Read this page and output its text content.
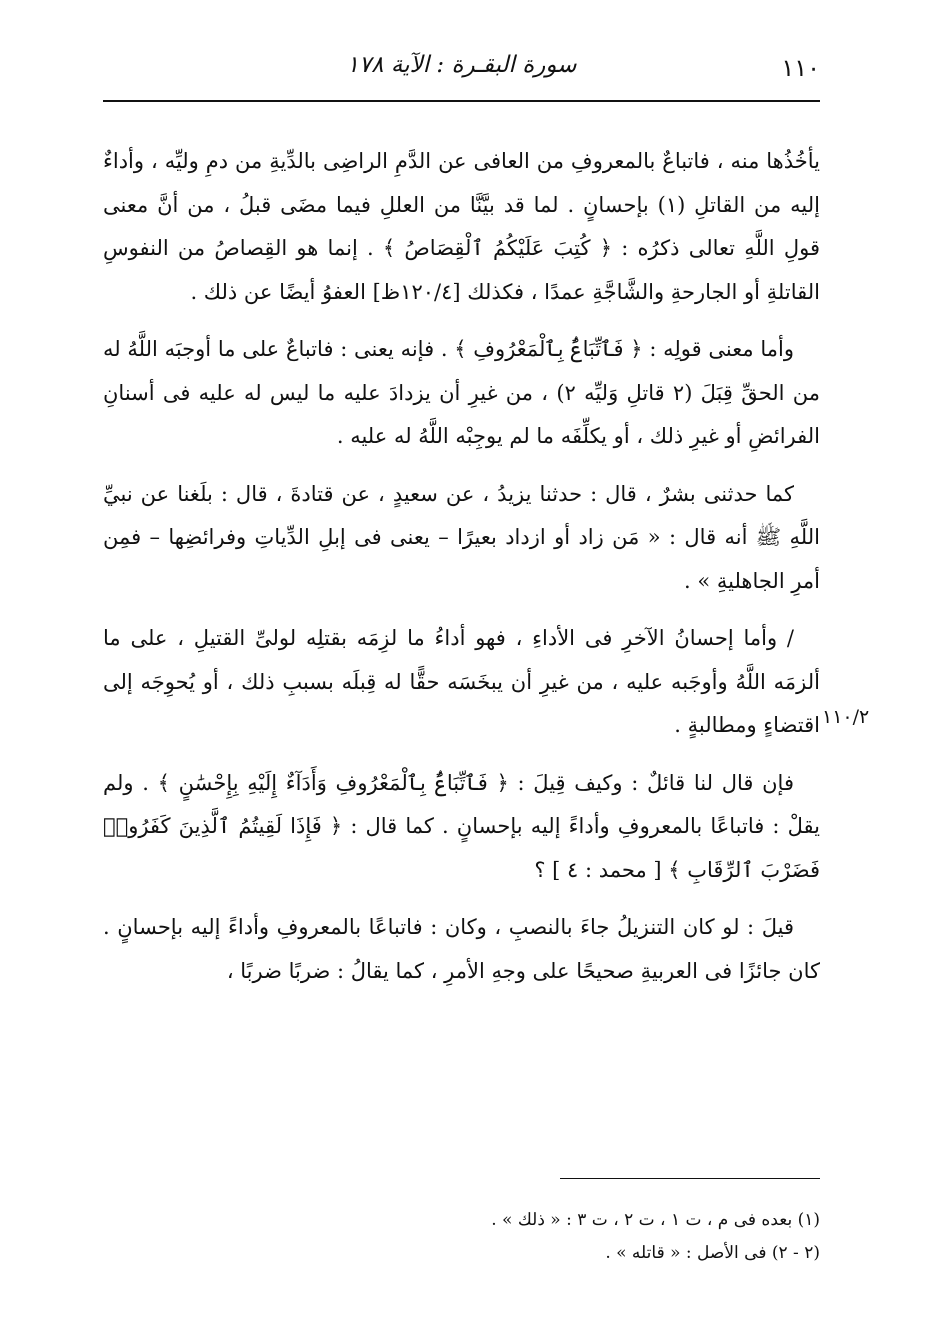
١١٠
سورة البقـرة : الآية ١٧٨
١١٠/٢

يأخُذُها منه ، فاتباعٌ بالمعروفِ من العافى عن الدَّمِ الراضِى بالدِّيةِ من دمِ وليِّه ، وأداءٌ إليه من القاتلِ (١) بإحسانٍ . لما قد بيَّنَّا من العللِ فيما مضَى قبلُ ، من أنَّ معنى قولِ اللَّهِ تعالى ذكرُه : ﴿ كُتِبَ عَلَيْكُمُ ٱلْقِصَاصُ ﴾ . إنما هو القِصاصُ من النفوسِ القاتلةِ أو الجارحةِ والشَّاجَّةِ عمدًا ، فكذلك [١٢٠/٤ظ] العفوُ أيضًا عن ذلك .

وأما معنى قولِه : ﴿ فَٱتِّبَاعٌۢ بِٱلْمَعْرُوفِ ﴾ . فإنه يعنى : فاتباعٌ على ما أوجبَه اللَّهُ له من الحقِّ قِبَلَ (٢ قاتلِ وَليِّه ٢) ، من غيرِ أن يزدادَ عليه ما ليس له عليه فى أسنانِ الفرائضِ أو غيرِ ذلك ، أو يكلِّفَه ما لم يوجِبْه اللَّهُ له عليه .

كما حدثنى بشرٌ ، قال : حدثنا يزيدُ ، عن سعيدٍ ، عن قتادةَ ، قال : بلَغنا عن نبيِّ اللَّهِ ﷺ أنه قال : « مَن زاد أو ازداد بعيرًا – يعنى فى إبلِ الدِّياتِ وفرائضِها – فمِن أمرِ الجاهليةِ » .

/ وأما إحسانُ الآخرِ فى الأداءِ ، فهو أداءُ ما لزِمَه بقتلِه لولىِّ القتيلِ ، على ما ألزمَه اللَّهُ وأوجَبه عليه ، من غيرِ أن يبخَسَه حقًّا له قِبلَه بسببِ ذلك ، أو يُحوِجَه إلى اقتضاءٍ ومطالبةٍ .

فإن قال لنا قائلٌ : وكيف قِيلَ : ﴿ فَٱتِّبَاعٌۢ بِٱلْمَعْرُوفِ وَأَدَآءٌ إِلَيْهِ بِإِحْسَٰنٍ ﴾ . ولم يقلْ : فاتباعًا بالمعروفِ وأداءً إليه بإحسانٍ . كما قال : ﴿ فَإِذَا لَقِيتُمُ ٱلَّذِينَ كَفَرُوا۟ فَضَرْبَ ٱلرِّقَابِ ﴾ [ محمد : ٤ ] ؟

قيلَ : لو كان التنزيلُ جاءَ بالنصبِ ، وكان : فاتباعًا بالمعروفِ وأداءً إليه بإحسانٍ . كان جائزًا فى العربيةِ صحيحًا على وجهِ الأمرِ ، كما يقالُ : ضربًا ضربًا ،

(١) بعده فى م ، ت ١ ، ت ٢ ، ت ٣ : « ذلك » .

(٢ - ٢) فى الأصل : « قاتله » .
